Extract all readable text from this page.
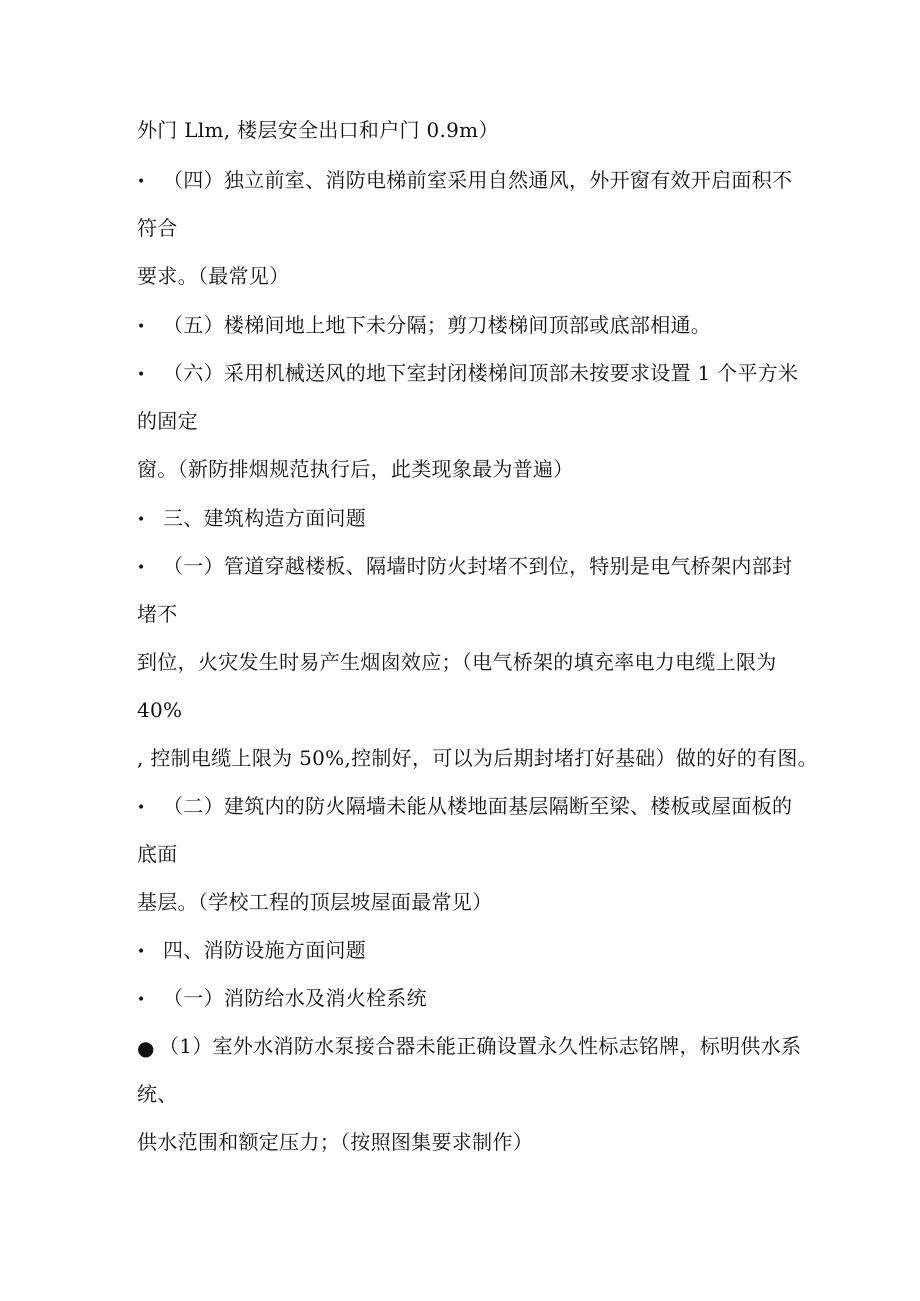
外门 Llm, 楼层安全出口和户门 0.9m）
• （四）独立前室、消防电梯前室采用自然通风，外开窗有效开启面积不
符合
要求。（最常见）
• （五）楼梯间地上地下未分隔；剪刀楼梯间顶部或底部相通。
• （六）采用机械送风的地下室封闭楼梯间顶部未按要求设置 1 个平方米
的固定
窗。（新防排烟规范执行后，此类现象最为普遍）
• 三、建筑构造方面问题
• （一）管道穿越楼板、隔墙时防火封堵不到位，特别是电气桥架内部封
堵不
到位，火灾发生时易产生烟囱效应；（电气桥架的填充率电力电缆上限为
40%
, 控制电缆上限为 50%,控制好，可以为后期封堵打好基础）做的好的有图。
• （二）建筑内的防火隔墙未能从楼地面基层隔断至梁、楼板或屋面板的
底面
基层。（学校工程的顶层坡屋面最常见）
• 四、消防设施方面问题
• （一）消防给水及消火栓系统
● （1）室外水消防水泵接合器未能正确设置永久性标志铭牌，标明供水系
统、
供水范围和额定压力；（按照图集要求制作）
